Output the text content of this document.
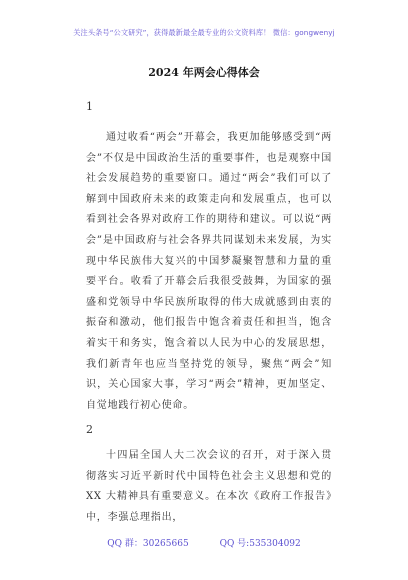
关注头条号“公文研究”，获得最新最全最专业的公文资料库！ 微信：gongwenyj
2024 年两会心得体会
1
通过收看“两会”开幕会，我更加能够感受到“两会”不仅是中国政治生活的重要事件，也是观察中国社会发展趋势的重要窗口。通过“两会”我们可以了解到中国政府未来的政策走向和发展重点，也可以看到社会各界对政府工作的期待和建议。可以说“两会”是中国政府与社会各界共同谋划未来发展，为实现中华民族伟大复兴的中国梦凝聚智慧和力量的重要平台。收看了开幕会后我很受鼓舞，为国家的强盛和党领导中华民族所取得的伟大成就感到由衷的振奋和激动，他们报告中饱含着责任和担当，饱含着实干和务实，饱含着以人民为中心的发展思想，我们新青年也应当坚持党的领导，聚焦“两会”知识，关心国家大事，学习“两会”精神，更加坚定、自觉地践行初心使命。
2
十四届全国人大二次会议的召开，对于深入贯彻落实习近平新时代中国特色社会主义思想和党的 XX 大精神具有重要意义。在本次《政府工作报告》中，李强总理指出，
QQ 群：30265665	QQ 号:535304092
